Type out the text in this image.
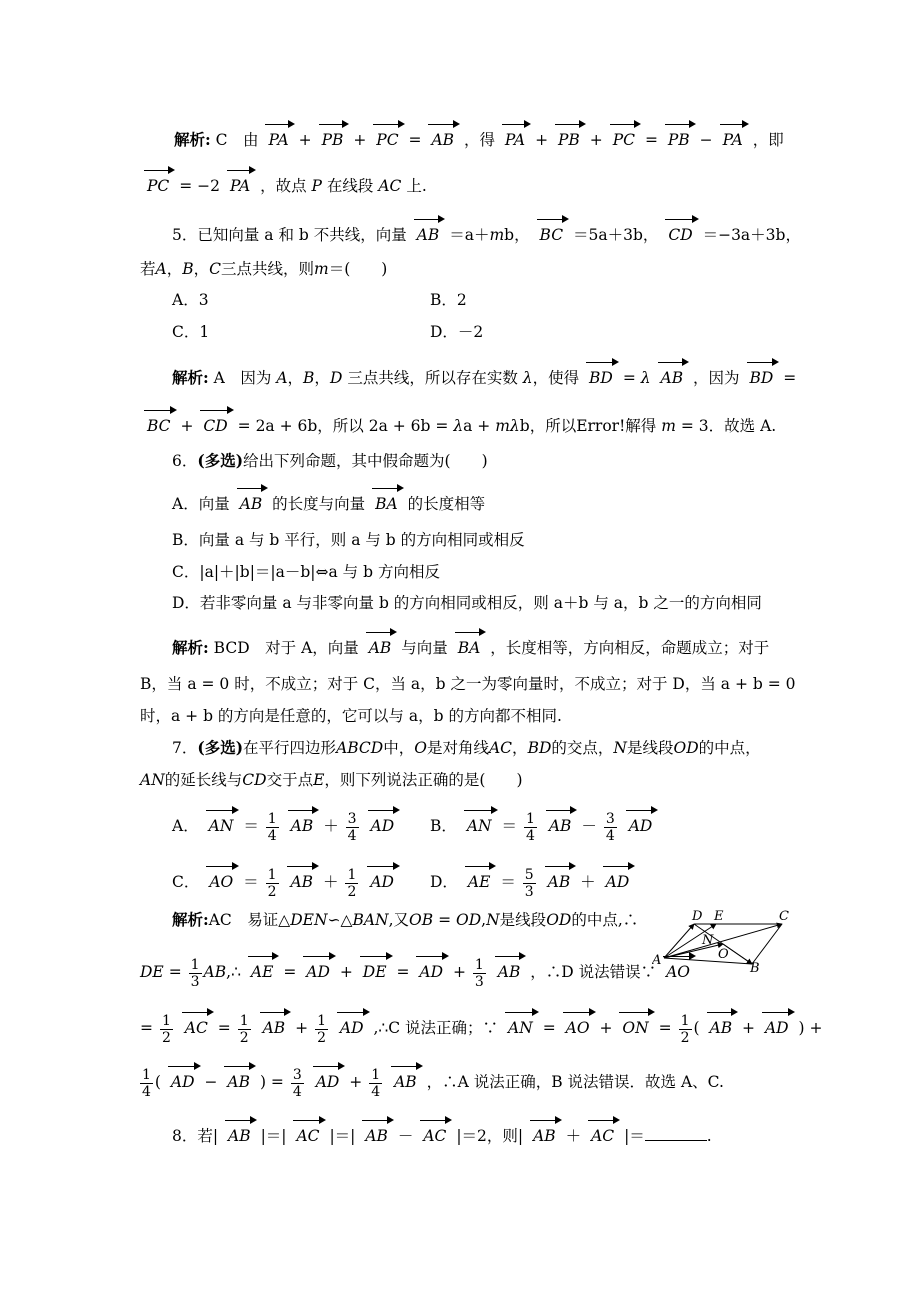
解析: C　由 PA + PB + PC = AB ，得 PA + PB + PC = PB − PA ，即
PC = −2 PA ，故点 P 在线段 AC 上.
5．已知向量 a 和 b 不共线，向量 AB ＝a＋mb， BC ＝5a＋3b， CD ＝−3a＋3b，
若A，B，C三点共线，则m＝(　　)
A．3	B．2
C．1	D．－2
解析: A　因为 A，B，D 三点共线，所以存在实数 λ，使得 BD = λ AB ，因为 BD =
BC + CD = 2a + 6b，所以 2a + 6b = λa + mλb，所以Error!解得 m = 3．故选 A.
6．(多选)给出下列命题，其中假命题为(　　)
A．向量 AB 的长度与向量 BA 的长度相等
B．向量 a 与 b 平行，则 a 与 b 的方向相同或相反
C．|a|＋|b|＝|a－b|⇔a 与 b 方向相反
D．若非零向量 a 与非零向量 b 的方向相同或相反，则 a＋b 与 a，b 之一的方向相同
解析: BCD　对于 A，向量 AB 与向量 BA ，长度相等，方向相反，命题成立；对于
B，当 a = 0 时，不成立；对于 C，当 a，b 之一为零向量时，不成立；对于 D，当 a + b = 0
时，a + b 的方向是任意的，它可以与 a，b 的方向都不相同.
7．(多选)在平行四边形ABCD中，O是对角线AC，BD的交点，N是线段OD的中点，
AN的延长线与CD交于点E，则下列说法正确的是(　　)
A． AN ＝ $\frac{1}{4}$ AB ＋ $\frac{3}{4}$ AD	B． AN ＝ $\frac{1}{4}$ AB － $\frac{3}{4}$ AD
C． AO ＝ $\frac{1}{2}$ AB ＋ $\frac{1}{2}$ AD	D． AE ＝ $\frac{5}{3}$ AB ＋ AD
解析:AC　易证△DEN∽△BAN,又OB = OD,N是线段OD的中点,∴
DE = $\frac{1}{3}$ AB,∴ AE = AD + DE = AD + $\frac{1}{3}$ AB ，∴D 说法错误∵ AO
= $\frac{1}{2}$ AC = $\frac{1}{2}$ AB + $\frac{1}{2}$ AD ,∴C 说法正确；∵ AN = AO + ON = $\frac{1}{2}$ ( AB + AD ) +
$\frac{1}{4}$ ( AD − AB ) = $\frac{3}{4}$ AD + $\frac{1}{4}$ AB ，∴A 说法正确，B 说法错误．故选 A、C.
D E	C
N
O
A
B
8．若| AB |＝| AC |＝| AB － AC |＝2，则| AB ＋ AC |＝	.
